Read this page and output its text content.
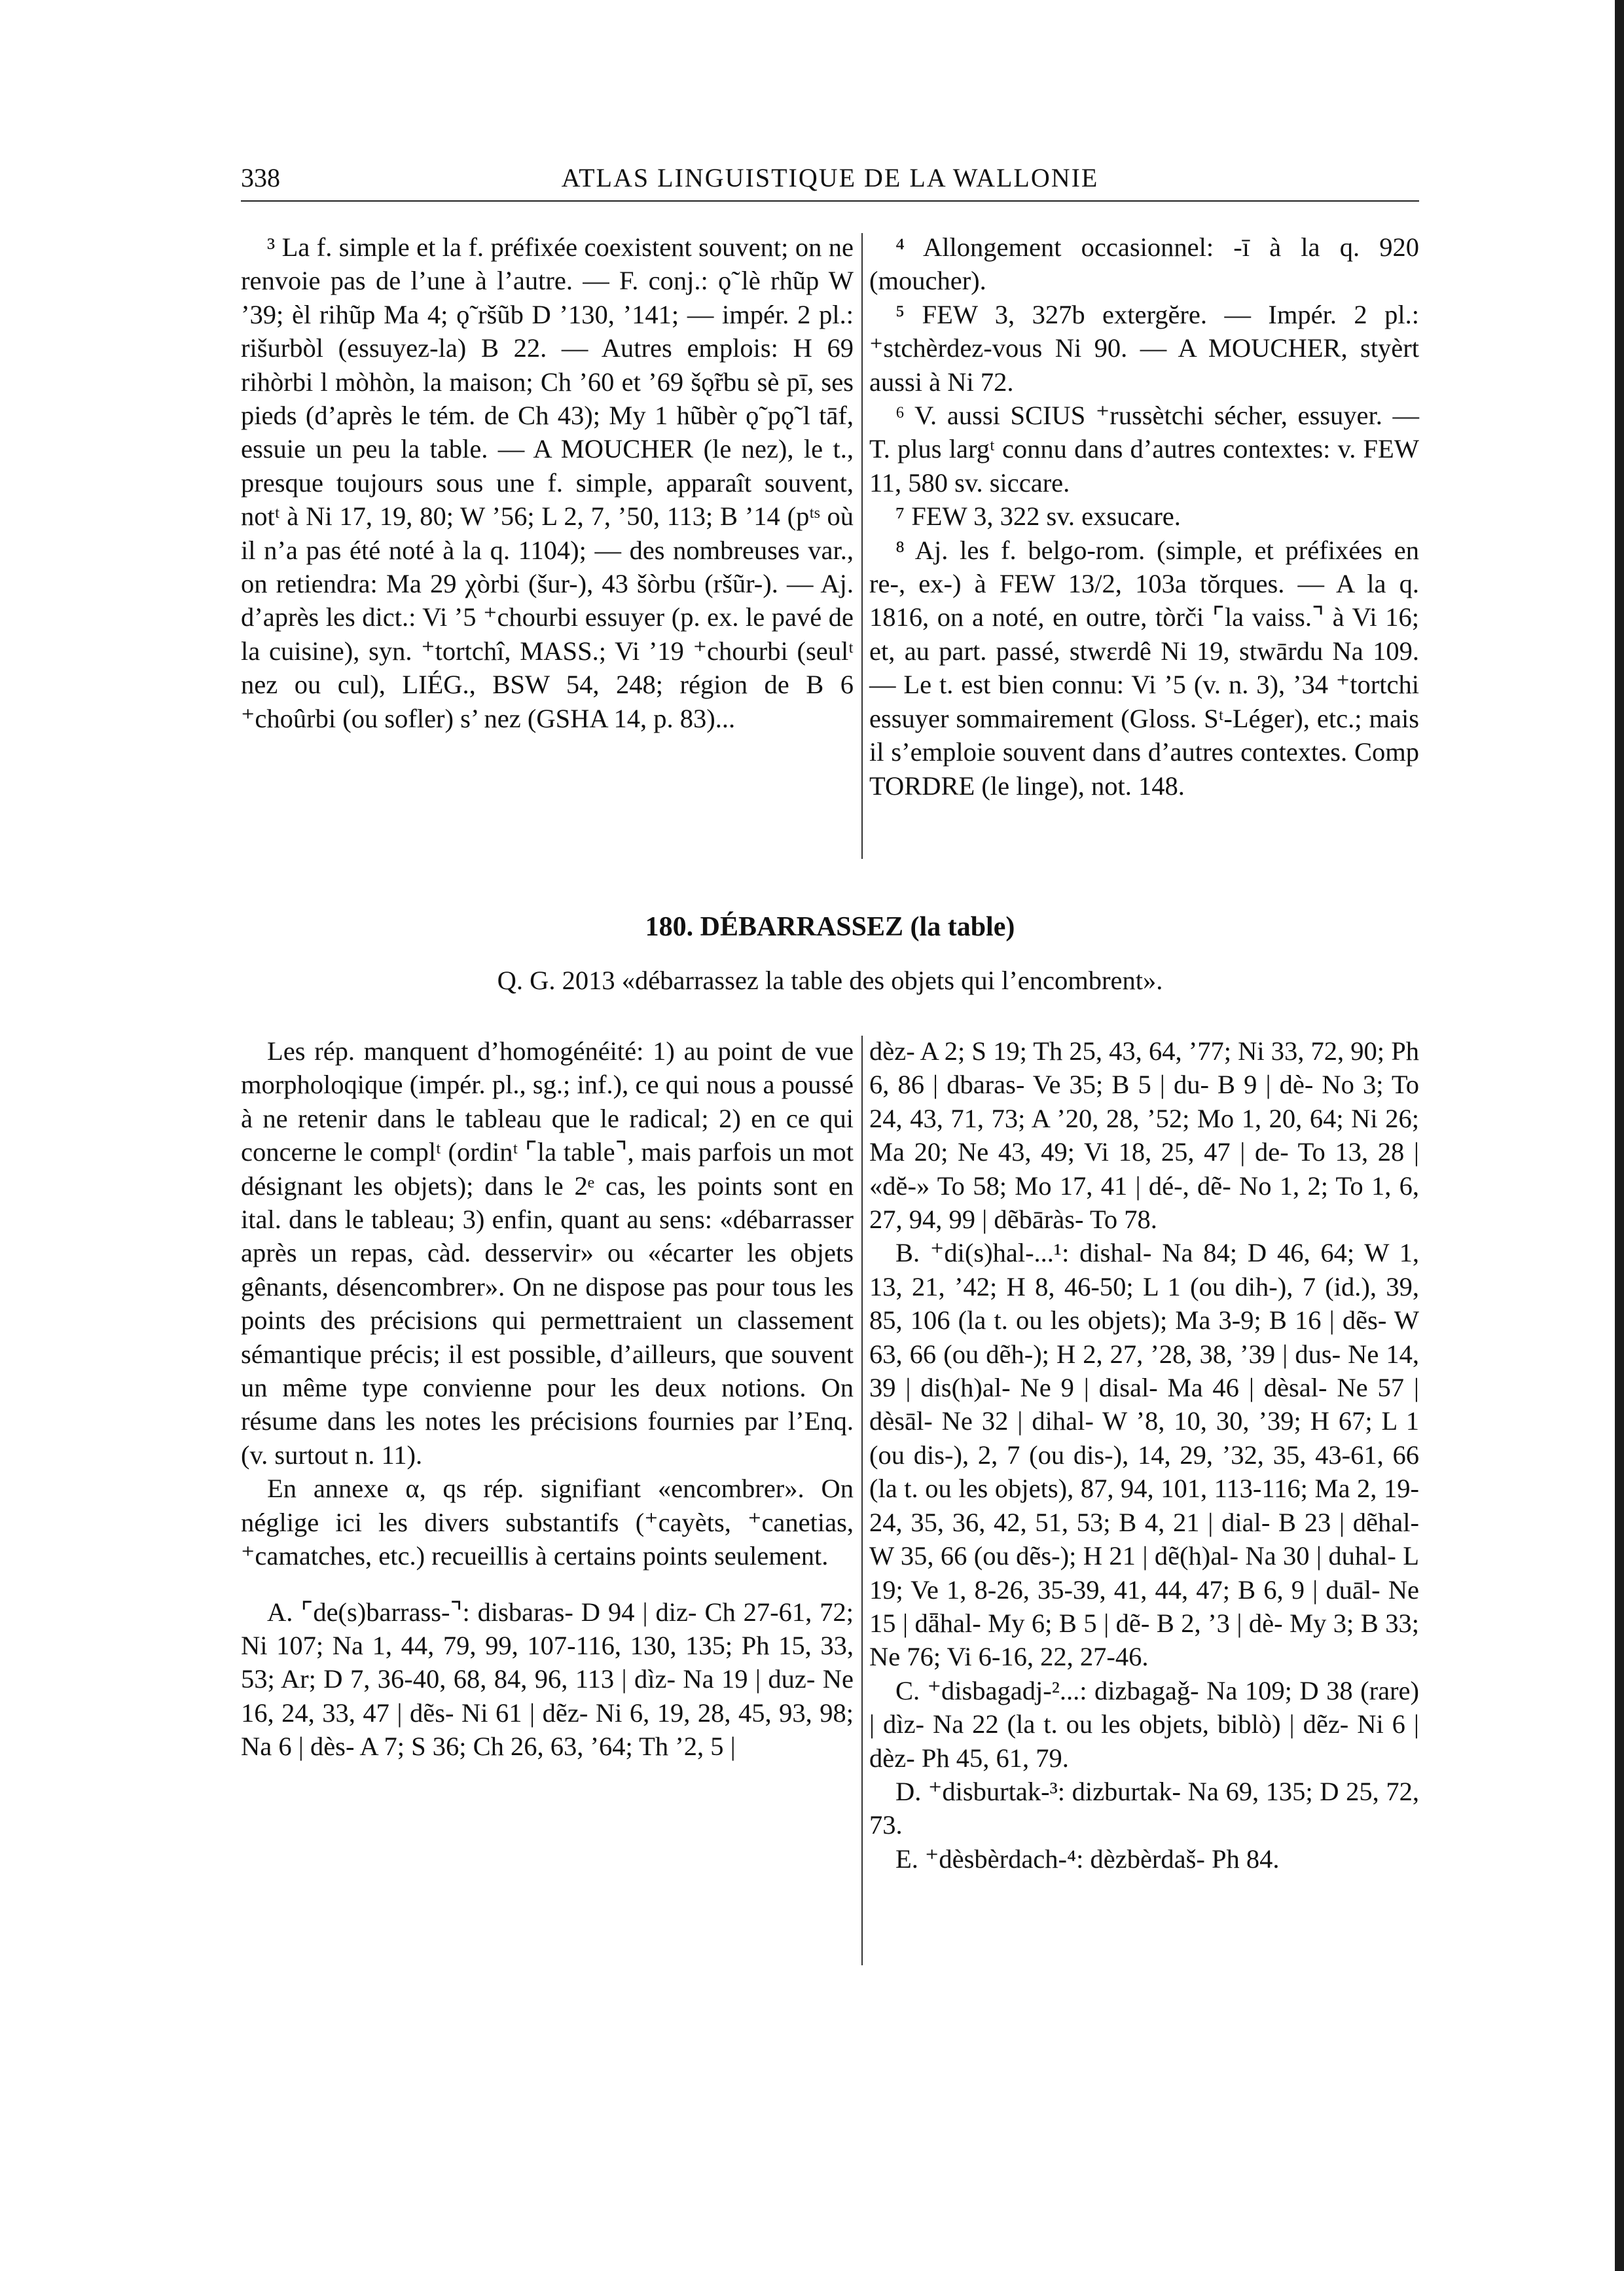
338	ATLAS LINGUISTIQUE DE LA WALLONIE

³ La f. simple et la f. préfixée coexistent souvent; on ne renvoie pas de l’une à l’autre. — F. conj.: ǫ̃ lè rhũp W ’39; èl rihũp Ma 4; ǫ̃ ršũb D ’130, ’141; — impér. 2 pl.: rišurbòl (essuyez-la) B 22. — Autres emplois: H 69 rihòrbi l mòhòn, la maison; Ch ’60 et ’69 šǫ̃rbu sè pī, ses pieds (d’après le tém. de Ch 43); My 1 hũbèr ǫ̃ pǫ̃ l tāf, essuie un peu la table. — A MOUCHER (le nez), le t., presque toujours sous une f. simple, apparaît souvent, notᵗ à Ni 17, 19, 80; W ’56; L 2, 7, ’50, 113; B ’14 (pᵗˢ où il n’a pas été noté à la q. 1104); — des nombreuses var., on retiendra: Ma 29 χòrbi (šur-), 43 šòrbu (ršũr-). — Aj. d’après les dict.: Vi ’5 ⁺chourbi essuyer (p. ex. le pavé de la cuisine), syn. ⁺tortchî, MASS.; Vi ’19 ⁺chourbi (seulᵗ nez ou cul), LIÉG., BSW 54, 248; région de B 6 ⁺choûrbi (ou sofler) s’ nez (GSHA 14, p. 83)...

⁴ Allongement occasionnel: -ī à la q. 920 (moucher).

⁵ FEW 3, 327b extergĕre. — Impér. 2 pl.: ⁺stchèrdez-vous Ni 90. — A MOUCHER, styèrt aussi à Ni 72.

⁶ V. aussi SCIUS ⁺russètchi sécher, essuyer. — T. plus largᵗ connu dans d’autres contextes: v. FEW 11, 580 sv. siccare.

⁷ FEW 3, 322 sv. exsucare.

⁸ Aj. les f. belgo-rom. (simple, et préfixées en re-, ex-) à FEW 13/2, 103a tŏrques. — A la q. 1816, on a noté, en outre, tòrči ⌜la vaiss.⌝ à Vi 16; et, au part. passé, stwɛrdê Ni 19, stwārdu Na 109. — Le t. est bien connu: Vi ’5 (v. n. 3), ’34 ⁺tortchi essuyer sommairement (Gloss. Sᵗ-Léger), etc.; mais il s’emploie souvent dans d’autres contextes. Comp TORDRE (le linge), not. 148.

180. DÉBARRASSEZ (la table)
Q. G. 2013 «débarrassez la table des objets qui l’encombrent».

Les rép. manquent d’homogénéité: 1) au point de vue morpholoqique (impér. pl., sg.; inf.), ce qui nous a poussé à ne retenir dans le tableau que le radical; 2) en ce qui concerne le complᵗ (ordinᵗ ⌜la table⌝, mais parfois un mot désignant les objets); dans le 2ᵉ cas, les points sont en ital. dans le tableau; 3) enfin, quant au sens: «débarrasser après un repas, càd. desservir» ou «écarter les objets gênants, désencombrer». On ne dispose pas pour tous les points des précisions qui permettraient un classement sémantique précis; il est possible, d’ailleurs, que souvent un même type convienne pour les deux notions. On résume dans les notes les précisions fournies par l’Enq. (v. surtout n. 11).

En annexe α, qs rép. signifiant «encombrer». On néglige ici les divers substantifs (⁺cayèts, ⁺canetias, ⁺camatches, etc.) recueillis à certains points seulement.

A. ⌜de(s)barrass-⌝: disbaras- D 94 | diz- Ch 27-61, 72; Ni 107; Na 1, 44, 79, 99, 107-116, 130, 135; Ph 15, 33, 53; Ar; D 7, 36-40, 68, 84, 96, 113 | dìz- Na 19 | duz- Ne 16, 24, 33, 47 | dẽs- Ni 61 | dẽz- Ni 6, 19, 28, 45, 93, 98; Na 6 | dès- A 7; S 36; Ch 26, 63, ’64; Th ’2, 5 |

dèz- A 2; S 19; Th 25, 43, 64, ’77; Ni 33, 72, 90; Ph 6, 86 | dbaras- Ve 35; B 5 | du- B 9 | dè- No 3; To 24, 43, 71, 73; A ’20, 28, ’52; Mo 1, 20, 64; Ni 26; Ma 20; Ne 43, 49; Vi 18, 25, 47 | de- To 13, 28 | «dĕ-» To 58; Mo 17, 41 | dé-, dẽ- No 1, 2; To 1, 6, 27, 94, 99 | dẽbāràs- To 78.

B. ⁺di(s)hal-...¹: dishal- Na 84; D 46, 64; W 1, 13, 21, ’42; H 8, 46-50; L 1 (ou dih-), 7 (id.), 39, 85, 106 (la t. ou les objets); Ma 3-9; B 16 | dẽs- W 63, 66 (ou dẽh-); H 2, 27, ’28, 38, ’39 | dus- Ne 14, 39 | dis(h)al- Ne 9 | disal- Ma 46 | dèsal- Ne 57 | dèsāl- Ne 32 | dihal- W ’8, 10, 30, ’39; H 67; L 1 (ou dis-), 2, 7 (ou dis-), 14, 29, ’32, 35, 43-61, 66 (la t. ou les objets), 87, 94, 101, 113-116; Ma 2, 19-24, 35, 36, 42, 51, 53; B 4, 21 | dial- B 23 | dẽhal- W 35, 66 (ou dẽs-); H 21 | dẽ(h)al- Na 30 | duhal- L 19; Ve 1, 8-26, 35-39, 41, 44, 47; B 6, 9 | duāl- Ne 15 | dǟhal- My 6; B 5 | dẽ- B 2, ’3 | dè- My 3; B 33; Ne 76; Vi 6-16, 22, 27-46.

C. ⁺disbagadj-²...: dizbagaǧ- Na 109; D 38 (rare) | dìz- Na 22 (la t. ou les objets, biblò) | dẽz- Ni 6 | dèz- Ph 45, 61, 79.

D. ⁺disburtak-³: dizburtak- Na 69, 135; D 25, 72, 73.

E. ⁺dèsbèrdach-⁴: dèzbèrdaš- Ph 84.
